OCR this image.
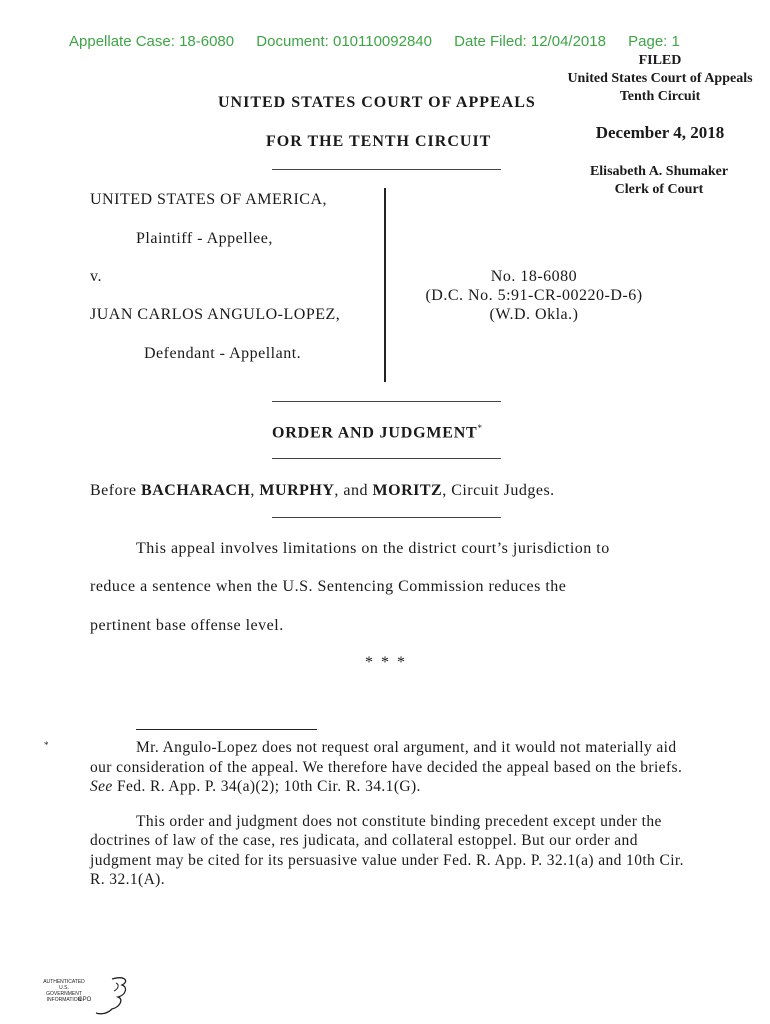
Appellate Case: 18-6080 Document: 010110092840 Date Filed: 12/04/2018 Page: 1
FILED
United States Court of Appeals
Tenth Circuit
December 4, 2018
Elisabeth A. Shumaker
Clerk of Court
UNITED STATES COURT OF APPEALS
FOR THE TENTH CIRCUIT
UNITED STATES OF AMERICA,
Plaintiff - Appellee,
v.
JUAN CARLOS ANGULO-LOPEZ,
Defendant - Appellant.
No. 18-6080
(D.C. No. 5:91-CR-00220-D-6)
(W.D. Okla.)
ORDER AND JUDGMENT*
Before BACHARACH, MURPHY, and MORITZ, Circuit Judges.
This appeal involves limitations on the district court’s jurisdiction to
reduce a sentence when the U.S. Sentencing Commission reduces the
pertinent base offense level.
* * *

*	Mr. Angulo-Lopez does not request oral argument, and it would not materially aid our consideration of the appeal. We therefore have decided the appeal based on the briefs. See Fed. R. App. P. 34(a)(2); 10th Cir. R. 34.1(G).

This order and judgment does not constitute binding precedent except under the doctrines of law of the case, res judicata, and collateral estoppel. But our order and judgment may be cited for its persuasive value under Fed. R. App. P. 32.1(a) and 10th Cir. R. 32.1(A).

AUTHENTICATED
U.S. GOVERNMENT
INFORMATION
GPO
